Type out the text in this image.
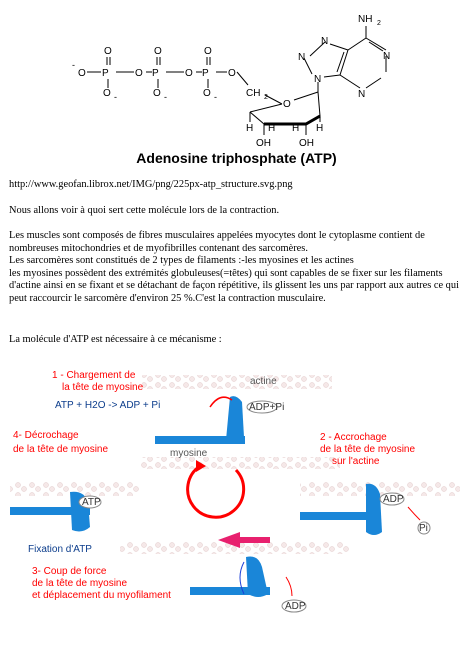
O
-
P
O
O -
O P
O
O -
O P
O
O -
O
CH 2
O
H	H
H H
OH	OH
N
N
N
N
N
NH 2
Adenosine triphosphate (ATP)
http://www.geofan.librox.net/IMG/png/225px-atp_structure.svg.png
Nous allons voir à quoi sert cette molécule lors de la contraction.

Les muscles sont composés de fibres musculaires appelées myocytes dont le cytoplasme contient de nombreuses mitochondries et de myofibrilles contenant des sarcomères.

Les sarcomères sont constitués de 2 types de filaments :-les myosines et les actines

les myosines possèdent des extrémités globuleuses(=têtes) qui sont capables de se fixer sur les filaments d'actine ainsi en se fixant et se détachant de façon répétitive, ils glissent les uns par rapport aux autres ce qui peut raccourcir le sarcomère d'environ 25 %.C'est la contraction musculaire.

La molécule d'ATP est nécessaire à ce mécanisme :
1 - Chargement de
la tête de myosine
ATP + H2O -> ADP + Pi
actine
ADP+Pi
myosine
4- Décrochage
de la tête de myosine
2 - Accrochage
de la tête de myosine
sur l'actine
ATP
Fixation d'ATP
ADP
Pi
3- Coup de force
de la tête de myosine
et déplacement du myofilament
ADP
